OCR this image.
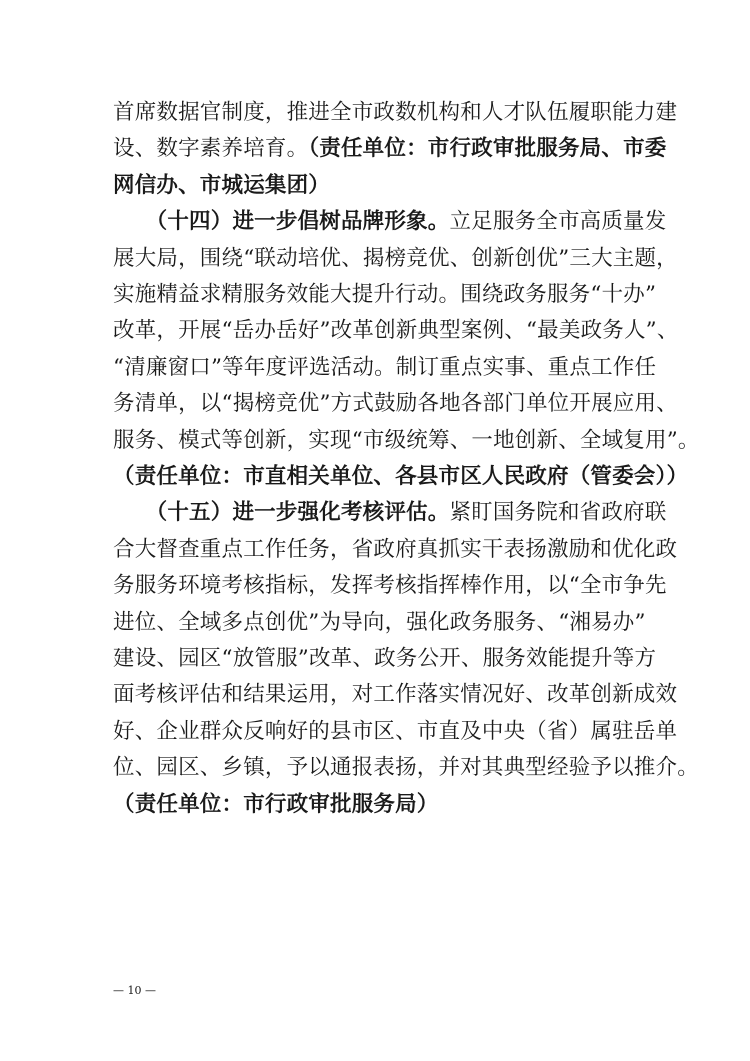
首席数据官制度，推进全市政数机构和人才队伍履职能力建
设、数字素养培育。（责任单位：市行政审批服务局、市委
网信办、市城运集团）
　　（十四）进一步倡树品牌形象。立足服务全市高质量发
展大局，围绕“联动培优、揭榜竞优、创新创优”三大主题，
实施精益求精服务效能大提升行动。围绕政务服务“十办”
改革，开展“岳办岳好”改革创新典型案例、“最美政务人”、
“清廉窗口”等年度评选活动。制订重点实事、重点工作任
务清单，以“揭榜竞优”方式鼓励各地各部门单位开展应用、
服务、模式等创新，实现“市级统筹、一地创新、全域复用”。
（责任单位：市直相关单位、各县市区人民政府（管委会））
　　（十五）进一步强化考核评估。紧盯国务院和省政府联
合大督查重点工作任务，省政府真抓实干表扬激励和优化政
务服务环境考核指标，发挥考核指挥棒作用，以“全市争先
进位、全域多点创优”为导向，强化政务服务、“湘易办”
建设、园区“放管服”改革、政务公开、服务效能提升等方
面考核评估和结果运用，对工作落实情况好、改革创新成效
好、企业群众反响好的县市区、市直及中央（省）属驻岳单
位、园区、乡镇，予以通报表扬，并对其典型经验予以推介。
（责任单位：市行政审批服务局）
— 10 —
